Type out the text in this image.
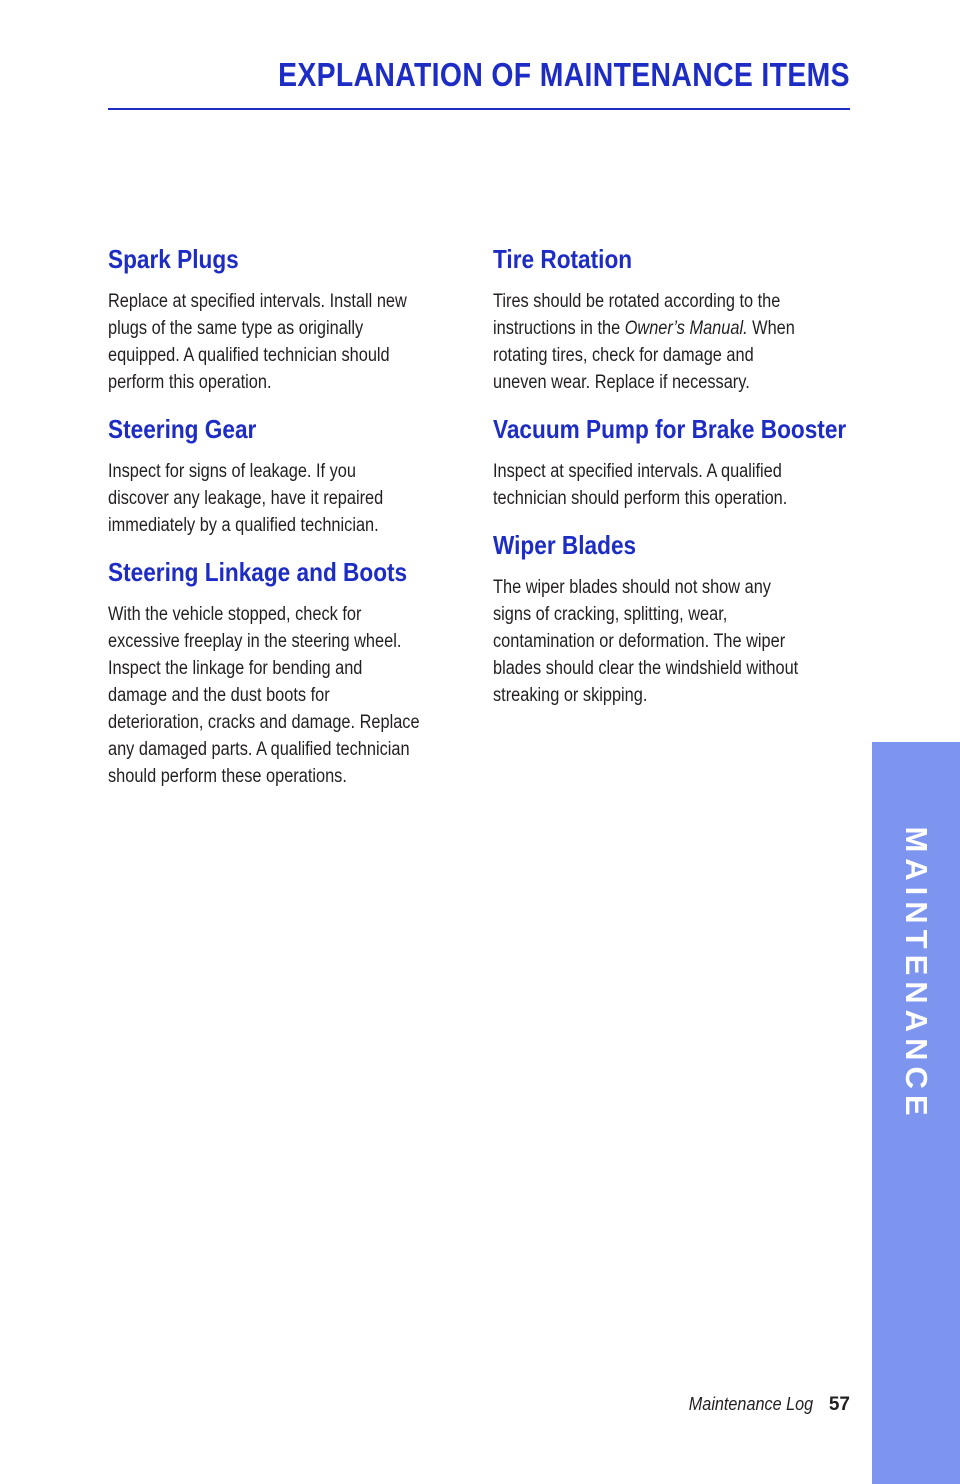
EXPLANATION OF MAINTENANCE ITEMS
Spark Plugs

Replace at specified intervals. Install new
plugs of the same type as originally
equipped. A qualified technician should
perform this operation.

Steering Gear

Inspect for signs of leakage. If you
discover any leakage, have it repaired
immediately by a qualified technician.

Steering Linkage and Boots

With the vehicle stopped, check for
excessive freeplay in the steering wheel.
Inspect the linkage for bending and
damage and the dust boots for
deterioration, cracks and damage. Replace
any damaged parts. A qualified technician
should perform these operations.

Tire Rotation

Tires should be rotated according to the
instructions in the Owner’s Manual. When
rotating tires, check for damage and
uneven wear. Replace if necessary.

Vacuum Pump for Brake Booster

Inspect at specified intervals. A qualified
technician should perform this operation.

Wiper Blades

The wiper blades should not show any
signs of cracking, splitting, wear,
contamination or deformation. The wiper
blades should clear the windshield without
streaking or skipping.

MAINTENANCE
Maintenance Log 57
